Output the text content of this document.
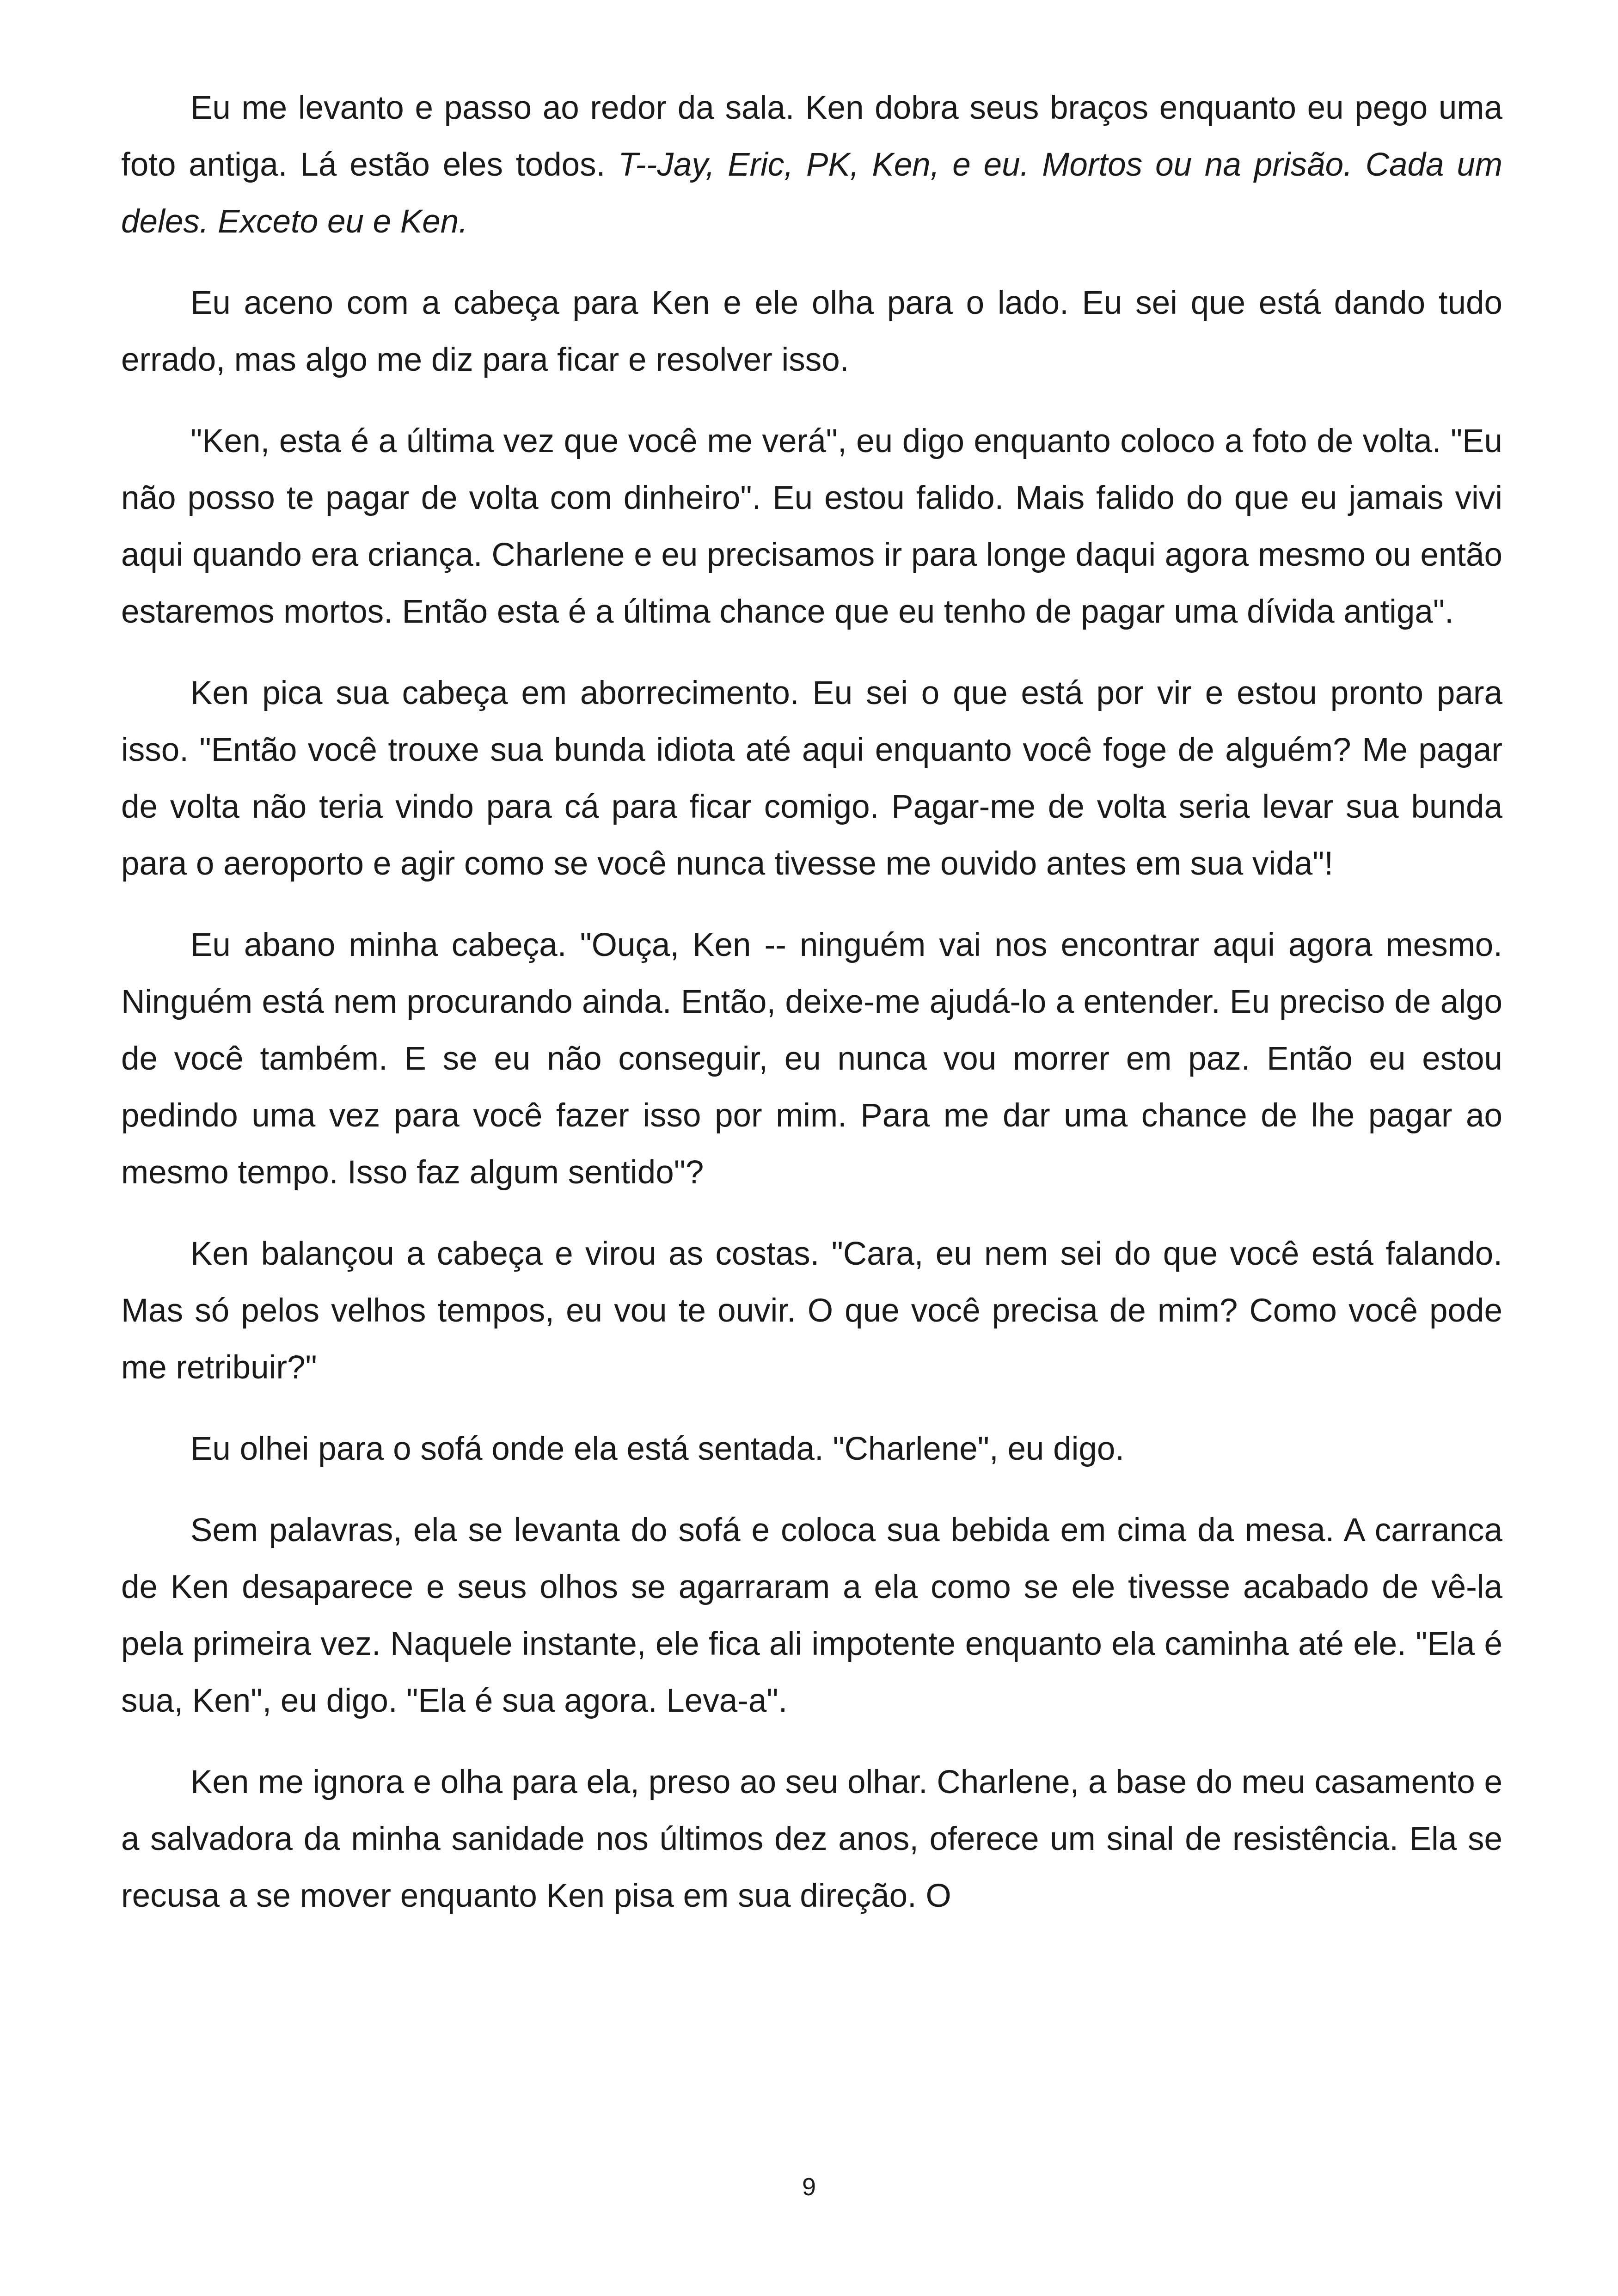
Eu me levanto e passo ao redor da sala. Ken dobra seus braços enquanto eu pego uma foto antiga. Lá estão eles todos. T--Jay, Eric, PK, Ken, e eu. Mortos ou na prisão. Cada um deles. Exceto eu e Ken.

Eu aceno com a cabeça para Ken e ele olha para o lado. Eu sei que está dando tudo errado, mas algo me diz para ficar e resolver isso.

"Ken, esta é a última vez que você me verá", eu digo enquanto coloco a foto de volta. "Eu não posso te pagar de volta com dinheiro". Eu estou falido. Mais falido do que eu jamais vivi aqui quando era criança. Charlene e eu precisamos ir para longe daqui agora mesmo ou então estaremos mortos. Então esta é a última chance que eu tenho de pagar uma dívida antiga".

Ken pica sua cabeça em aborrecimento. Eu sei o que está por vir e estou pronto para isso. "Então você trouxe sua bunda idiota até aqui enquanto você foge de alguém? Me pagar de volta não teria vindo para cá para ficar comigo. Pagar-me de volta seria levar sua bunda para o aeroporto e agir como se você nunca tivesse me ouvido antes em sua vida"!

Eu abano minha cabeça. "Ouça, Ken -- ninguém vai nos encontrar aqui agora mesmo. Ninguém está nem procurando ainda. Então, deixe-me ajudá-lo a entender. Eu preciso de algo de você também. E se eu não conseguir, eu nunca vou morrer em paz. Então eu estou pedindo uma vez para você fazer isso por mim. Para me dar uma chance de lhe pagar ao mesmo tempo. Isso faz algum sentido"?

Ken balançou a cabeça e virou as costas. "Cara, eu nem sei do que você está falando. Mas só pelos velhos tempos, eu vou te ouvir. O que você precisa de mim? Como você pode me retribuir?"

Eu olhei para o sofá onde ela está sentada. "Charlene", eu digo.

Sem palavras, ela se levanta do sofá e coloca sua bebida em cima da mesa. A carranca de Ken desaparece e seus olhos se agarraram a ela como se ele tivesse acabado de vê-la pela primeira vez. Naquele instante, ele fica ali impotente enquanto ela caminha até ele. "Ela é sua, Ken", eu digo. "Ela é sua agora. Leva-a".

Ken me ignora e olha para ela, preso ao seu olhar. Charlene, a base do meu casamento e a salvadora da minha sanidade nos últimos dez anos, oferece um sinal de resistência. Ela se recusa a se mover enquanto Ken pisa em sua direção. O

9
